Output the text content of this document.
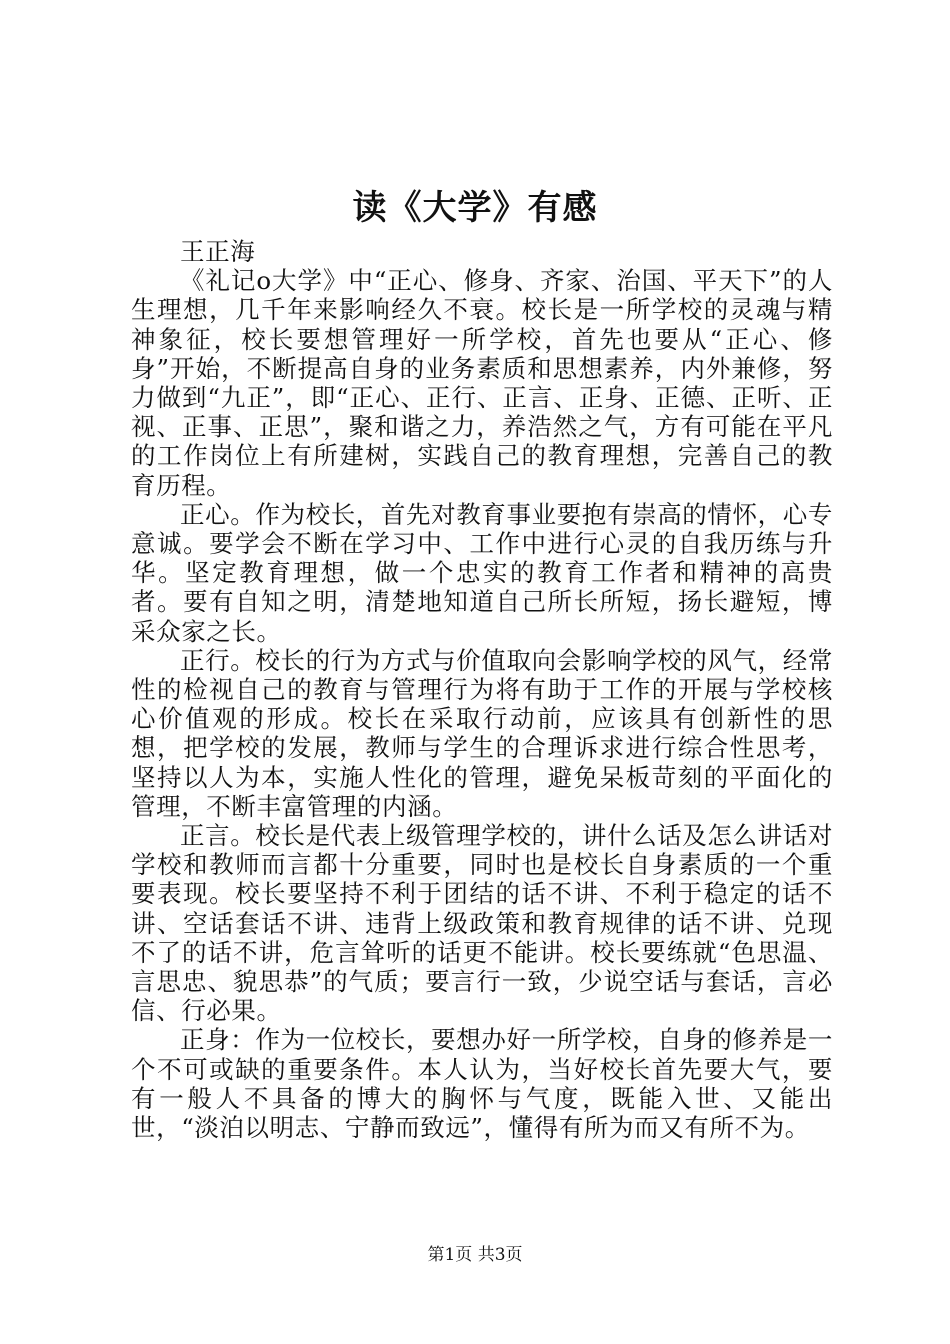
读《大学》有感
王正海

《礼记o大学》中“正心、修身、齐家、治国、平天下”的人生理想，几千年来影响经久不衰。校长是一所学校的灵魂与精神象征，校长要想管理好一所学校，首先也要从“正心、修身”开始，不断提高自身的业务素质和思想素养，内外兼修，努力做到“九正”，即“正心、正行、正言、正身、正德、正听、正视、正事、正思”，聚和谐之力，养浩然之气，方有可能在平凡的工作岗位上有所建树，实践自己的教育理想，完善自己的教育历程。

正心。作为校长，首先对教育事业要抱有崇高的情怀，心专意诚。要学会不断在学习中、工作中进行心灵的自我历练与升华。坚定教育理想，做一个忠实的教育工作者和精神的高贵者。要有自知之明，清楚地知道自己所长所短，扬长避短，博采众家之长。

正行。校长的行为方式与价值取向会影响学校的风气，经常性的检视自己的教育与管理行为将有助于工作的开展与学校核心价值观的形成。校长在采取行动前，应该具有创新性的思想，把学校的发展，教师与学生的合理诉求进行综合性思考，坚持以人为本，实施人性化的管理，避免呆板苛刻的平面化的管理，不断丰富管理的内涵。

正言。校长是代表上级管理学校的，讲什么话及怎么讲话对学校和教师而言都十分重要，同时也是校长自身素质的一个重要表现。校长要坚持不利于团结的话不讲、不利于稳定的话不讲、空话套话不讲、违背上级政策和教育规律的话不讲、兑现不了的话不讲，危言耸听的话更不能讲。校长要练就“色思温、言思忠、貌思恭”的气质；要言行一致，少说空话与套话，言必信、行必果。

正身：作为一位校长，要想办好一所学校，自身的修养是一个不可或缺的重要条件。本人认为，当好校长首先要大气，要有一般人不具备的博大的胸怀与气度，既能入世、又能出世，“淡泊以明志、宁静而致远”，懂得有所为而又有所不为。

第1页 共3页
